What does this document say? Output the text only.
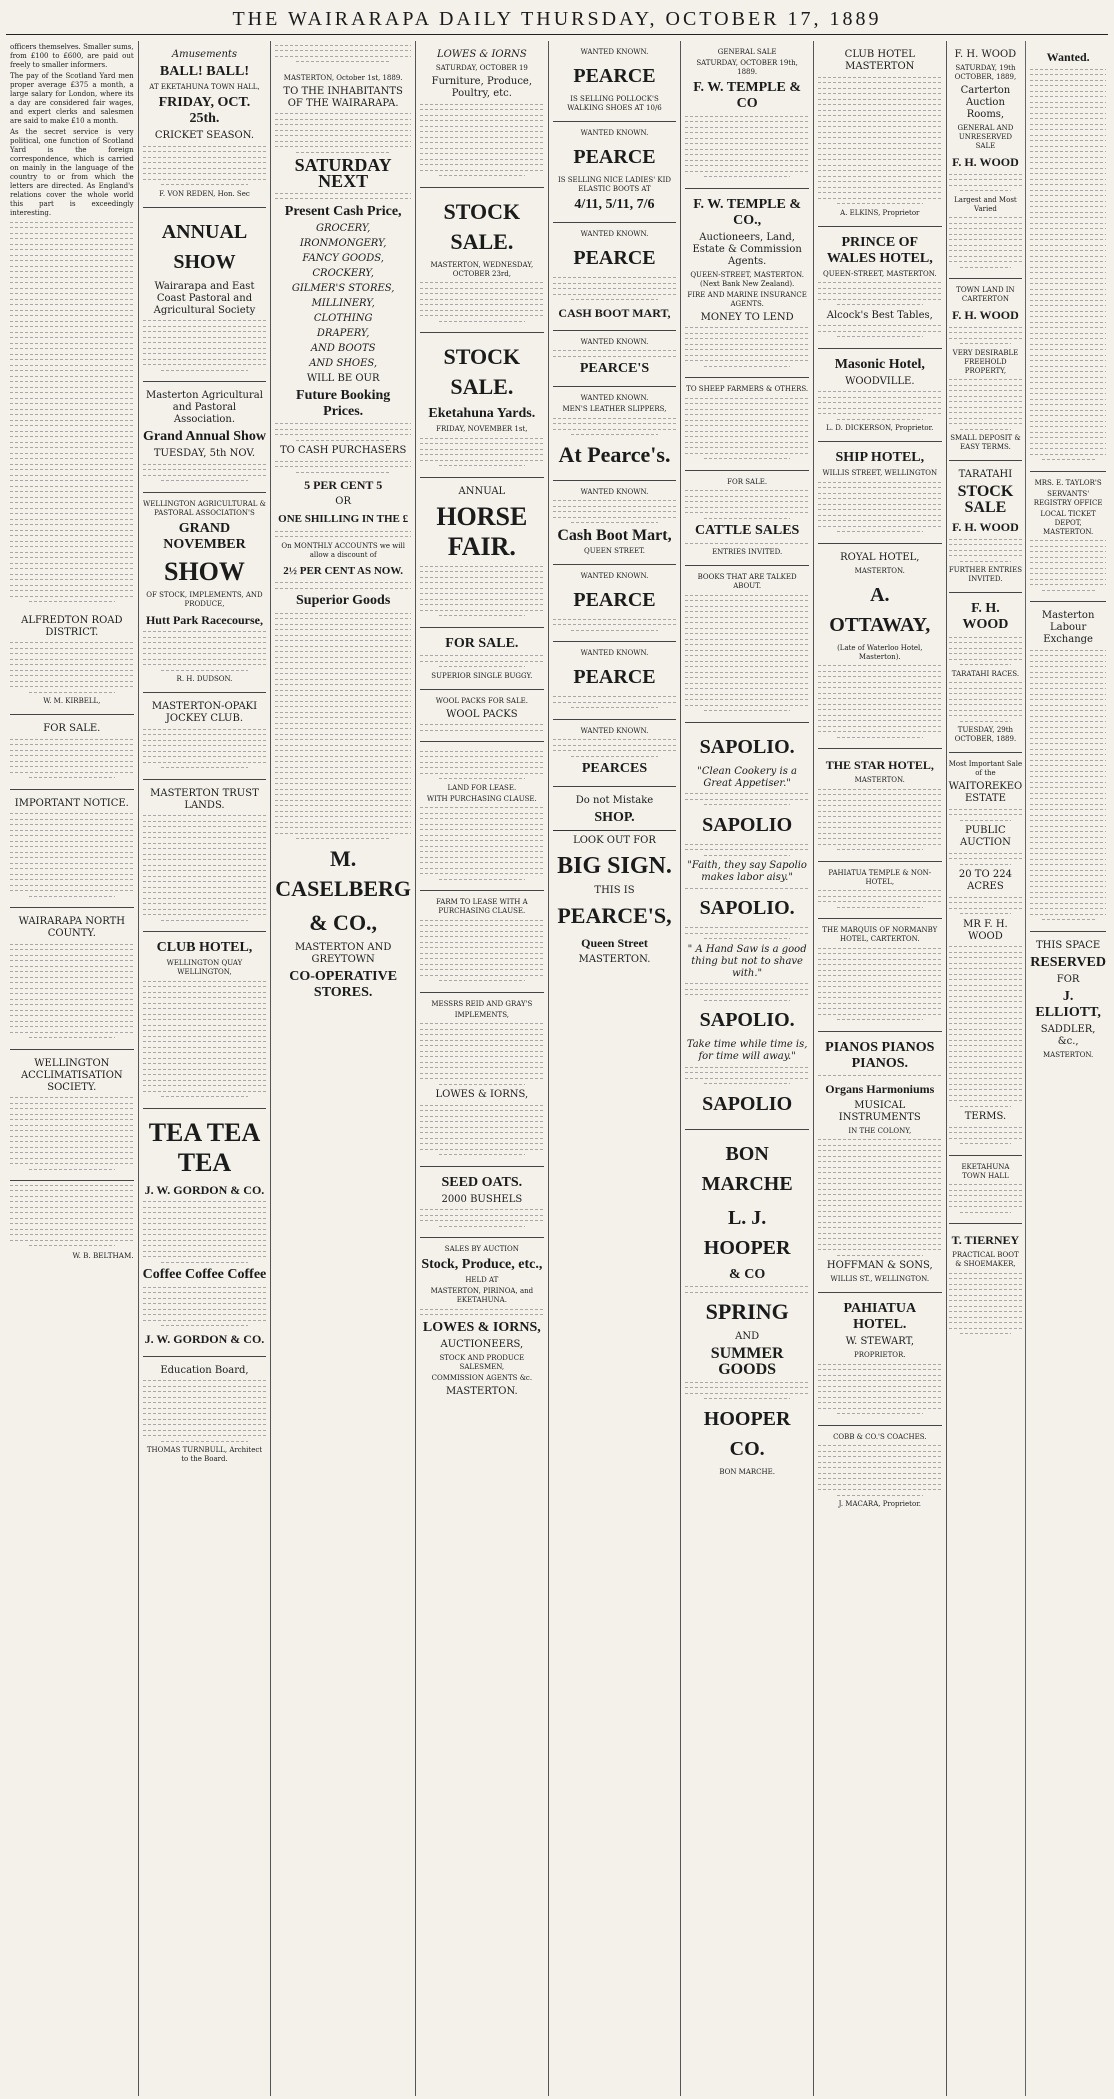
THE WAIRARAPA DAILY THURSDAY, OCTOBER 17, 1889
officers themselves. Smaller sums, from £100 to £600, are paid out freely to smaller informers.
The pay of the Scotland Yard men proper average £375 a month, a large salary for London, where its a day are considered fair wages, and expert clerks and salesmen are said to make £10 a month.
As the secret service is very political, one function of Scotland Yard is the foreign correspondence, which is carried on mainly in the language of the country to or from which the letters are directed. As England's relations cover the whole world this part is exceedingly interesting.
ALFREDTON ROAD DISTRICT.
W. M. KIRBELL,
FOR SALE.
IMPORTANT NOTICE.
WAIRARAPA NORTH COUNTY.
WELLINGTON ACCLIMATISATION SOCIETY.
W. B. BELTHAM.
Amusements
BALL! BALL!
AT EKETAHUNA TOWN HALL,
FRIDAY, OCT. 25th.
CRICKET SEASON.
F. VON REDEN, Hon. Sec
ANNUAL SHOW
Wairarapa and East Coast Pastoral and Agricultural Society
Masterton Agricultural and Pastoral Association.
Grand Annual Show
TUESDAY, 5th NOV.
WELLINGTON AGRICULTURAL & PASTORAL ASSOCIATION'S
GRAND NOVEMBER
SHOW
OF STOCK, IMPLEMENTS, AND PRODUCE,
Hutt Park Racecourse,
R. H. DUDSON.
MASTERTON-OPAKI JOCKEY CLUB.
MASTERTON TRUST LANDS.
CLUB HOTEL,
WELLINGTON QUAY WELLINGTON,
TEA TEA TEA
J. W. GORDON & CO.
Coffee Coffee Coffee
J. W. GORDON & CO.
Education Board,
THOMAS TURNBULL, Architect to the Board.
MASTERTON, October 1st, 1889.
TO THE INHABITANTS OF THE WAIRARAPA.
SATURDAY NEXT
Present Cash Price,
GROCERY,
IRONMONGERY,
FANCY GOODS,
CROCKERY,
GILMER'S STORES,
MILLINERY,
CLOTHING
DRAPERY,
AND BOOTS
AND SHOES,
WILL BE OUR
Future Booking Prices.
TO CASH PURCHASERS
5 PER CENT 5
OR
ONE SHILLING IN THE £
On MONTHLY ACCOUNTS we will allow a discount of
2½ PER CENT AS NOW.
Superior Goods
M. CASELBERG
& CO.,
MASTERTON AND GREYTOWN
CO-OPERATIVE STORES.
LOWES & IORNS
SATURDAY, OCTOBER 19
Furniture, Produce, Poultry, etc.
STOCK SALE.
MASTERTON, WEDNESDAY, OCTOBER 23rd,
STOCK SALE.
Eketahuna Yards.
FRIDAY, NOVEMBER 1st,
ANNUAL
HORSE FAIR.
FOR SALE.
SUPERIOR SINGLE BUGGY.
WOOL PACKS FOR SALE.
WOOL PACKS
LAND FOR LEASE.
WITH PURCHASING CLAUSE.
FARM TO LEASE WITH A PURCHASING CLAUSE.
MESSRS REID AND GRAY'S
IMPLEMENTS,
LOWES & IORNS,
SEED OATS.
2000 BUSHELS
SALES BY AUCTION
Stock, Produce, etc.,
HELD AT
MASTERTON, PIRINOA, and EKETAHUNA.
LOWES & IORNS,
AUCTIONEERS,
STOCK AND PRODUCE SALESMEN,
COMMISSION AGENTS &c.
MASTERTON.
WANTED KNOWN.
PEARCE
IS SELLING POLLOCK'S WALKING SHOES AT 10/6
WANTED KNOWN.
PEARCE
IS SELLING NICE LADIES' KID ELASTIC BOOTS AT
4/11, 5/11, 7/6
WANTED KNOWN.
PEARCE
CASH BOOT MART,
WANTED KNOWN.
PEARCE'S
WANTED KNOWN.
MEN'S LEATHER SLIPPERS,
At Pearce's.
WANTED KNOWN.
Cash Boot Mart,
QUEEN STREET.
WANTED KNOWN.
PEARCE
WANTED KNOWN.
PEARCE
WANTED KNOWN.
PEARCES
Do not Mistake
SHOP.
LOOK OUT FOR
BIG SIGN.
THIS IS
PEARCE'S,
Queen Street
MASTERTON.
GENERAL SALE
SATURDAY, OCTOBER 19th, 1889.
F. W. TEMPLE & CO
F. W. TEMPLE & CO.,
Auctioneers, Land, Estate & Commission Agents.
QUEEN-STREET, MASTERTON. (Next Bank New Zealand).
FIRE AND MARINE INSURANCE AGENTS.
MONEY TO LEND
TO SHEEP FARMERS & OTHERS.
FOR SALE.
CATTLE SALES
ENTRIES INVITED.
BOOKS THAT ARE TALKED ABOUT.
SAPOLIO.
"Clean Cookery is a Great Appetiser."
SAPOLIO
"Faith, they say Sapolio makes labor aisy."
SAPOLIO.
" A Hand Saw is a good thing but not to shave with."
SAPOLIO.
Take time while time is, for time will away."
SAPOLIO
BON MARCHE
L. J. HOOPER
& CO
SPRING
AND
SUMMER GOODS
HOOPER CO.
BON MARCHE.
CLUB HOTEL MASTERTON
A. ELKINS, Proprietor
PRINCE OF WALES HOTEL,
QUEEN-STREET, MASTERTON.
Alcock's Best Tables,
Masonic Hotel,
WOODVILLE.
L. D. DICKERSON, Proprietor.
SHIP HOTEL,
WILLIS STREET, WELLINGTON
ROYAL HOTEL,
MASTERTON.
A. OTTAWAY,
(Late of Waterloo Hotel, Masterton).
THE STAR HOTEL,
MASTERTON.
PAHIATUA TEMPLE & NON-HOTEL,
THE MARQUIS OF NORMANBY HOTEL, CARTERTON.
PIANOS PIANOS PIANOS.
Organs Harmoniums
MUSICAL INSTRUMENTS
IN THE COLONY,
HOFFMAN & SONS,
WILLIS ST., WELLINGTON.
PAHIATUA HOTEL.
W. STEWART,
PROPRIETOR.
COBB & CO.'S COACHES.
J. MACARA, Proprietor.
F. H. WOOD
SATURDAY, 19th OCTOBER, 1889,
Carterton Auction Rooms,
GENERAL AND UNRESERVED SALE
F. H. WOOD
Largest and Most Varied
TOWN LAND IN CARTERTON
F. H. WOOD
VERY DESIRABLE FREEHOLD PROPERTY,
SMALL DEPOSIT & EASY TERMS.
TARATAHI
STOCK SALE
F. H. WOOD
FURTHER ENTRIES INVITED.
F. H. WOOD
TARATAHI RACES.
TUESDAY, 29th OCTOBER, 1889.
Most Important Sale of the
WAITOREKEO ESTATE
PUBLIC AUCTION
20 TO 224 ACRES
MR F. H. WOOD
TERMS.
EKETAHUNA TOWN HALL
T. TIERNEY
PRACTICAL BOOT & SHOEMAKER,
Wanted.
MRS. E. TAYLOR'S
SERVANTS' REGISTRY OFFICE
LOCAL TICKET DEPOT, MASTERTON.
Masterton Labour Exchange
THIS SPACE
RESERVED
FOR
J. ELLIOTT,
SADDLER, &c.,
MASTERTON.
